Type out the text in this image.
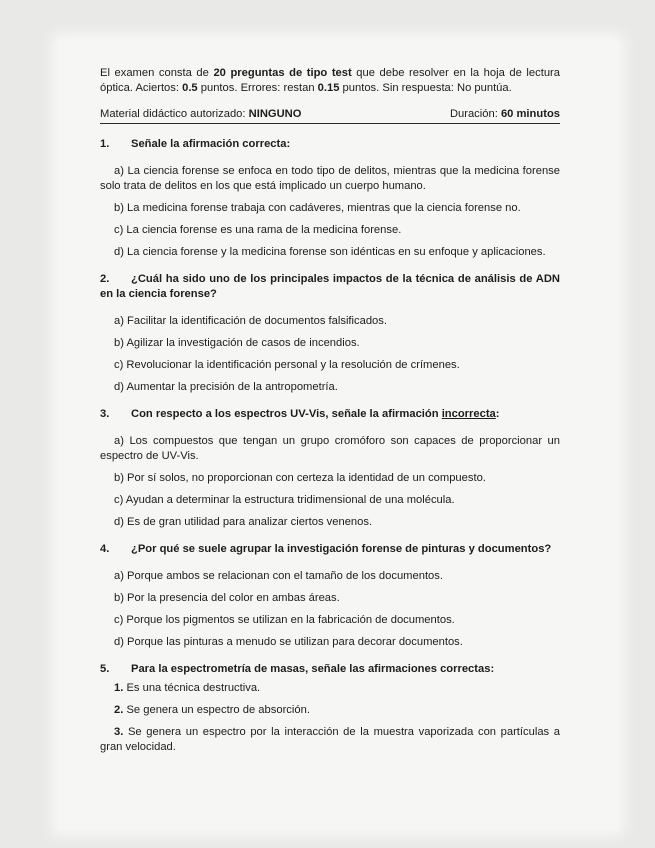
El examen consta de 20 preguntas de tipo test que debe resolver en la hoja de lectura óptica. Aciertos: 0.5 puntos. Errores: restan 0.15 puntos. Sin respuesta: No puntúa.

Material didáctico autorizado: NINGUNO	Duración: 60 minutos

1. Señale la afirmación correcta:

a) La ciencia forense se enfoca en todo tipo de delitos, mientras que la medicina forense solo trata de delitos en los que está implicado un cuerpo humano.

b) La medicina forense trabaja con cadáveres, mientras que la ciencia forense no.

c) La ciencia forense es una rama de la medicina forense.

d) La ciencia forense y la medicina forense son idénticas en su enfoque y aplicaciones.

2. ¿Cuál ha sido uno de los principales impactos de la técnica de análisis de ADN en la ciencia forense?

a) Facilitar la identificación de documentos falsificados.

b) Agilizar la investigación de casos de incendios.

c) Revolucionar la identificación personal y la resolución de crímenes.

d) Aumentar la precisión de la antropometría.

3. Con respecto a los espectros UV-Vis, señale la afirmación incorrecta:

a) Los compuestos que tengan un grupo cromóforo son capaces de proporcionar un espectro de UV-Vis.

b) Por sí solos, no proporcionan con certeza la identidad de un compuesto.

c) Ayudan a determinar la estructura tridimensional de una molécula.

d) Es de gran utilidad para analizar ciertos venenos.

4. ¿Por qué se suele agrupar la investigación forense de pinturas y documentos?

a) Porque ambos se relacionan con el tamaño de los documentos.

b) Por la presencia del color en ambas áreas.

c) Porque los pigmentos se utilizan en la fabricación de documentos.

d) Porque las pinturas a menudo se utilizan para decorar documentos.

5. Para la espectrometría de masas, señale las afirmaciones correctas:

1. Es una técnica destructiva.

2. Se genera un espectro de absorción.

3. Se genera un espectro por la interacción de la muestra vaporizada con partículas a gran velocidad.
